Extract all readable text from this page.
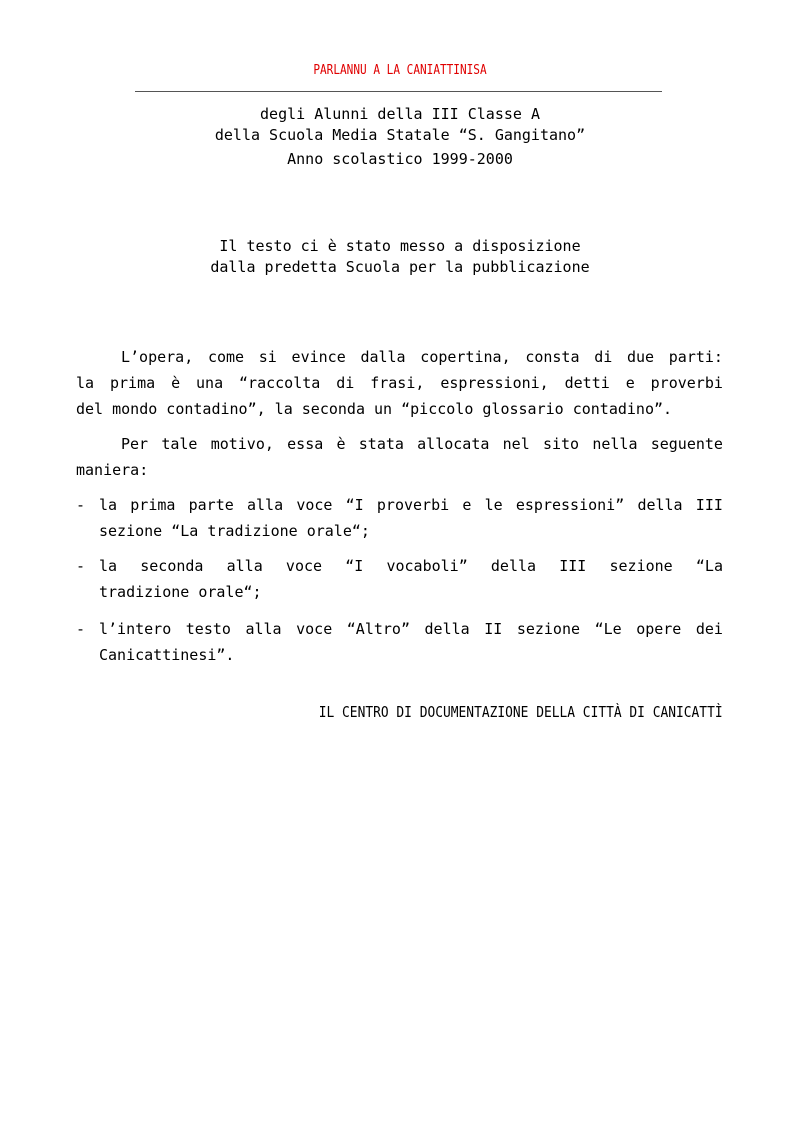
PARLANNU A LA CANIATTINISA
degli Alunni della III Classe A
della Scuola Media Statale “S. Gangitano”
Anno scolastico 1999-2000
Il testo ci è stato messo a disposizione
dalla predetta Scuola per la pubblicazione
L’opera, come si evince dalla copertina, consta di due parti:
la prima è una “raccolta di frasi, espressioni, detti e proverbi
del mondo contadino”, la seconda un “piccolo glossario contadino”.
Per tale motivo, essa è stata allocata nel sito nella seguente
maniera:
- la prima parte alla voce “I proverbi e le espressioni” della III
sezione “La tradizione orale“;
- la seconda alla voce “I vocaboli” della III sezione “La
tradizione orale“;
- l’intero testo alla voce “Altro” della II sezione “Le opere dei
Canicattinesi”.
IL CENTRO DI DOCUMENTAZIONE DELLA CITTÀ DI CANICATTÌ
